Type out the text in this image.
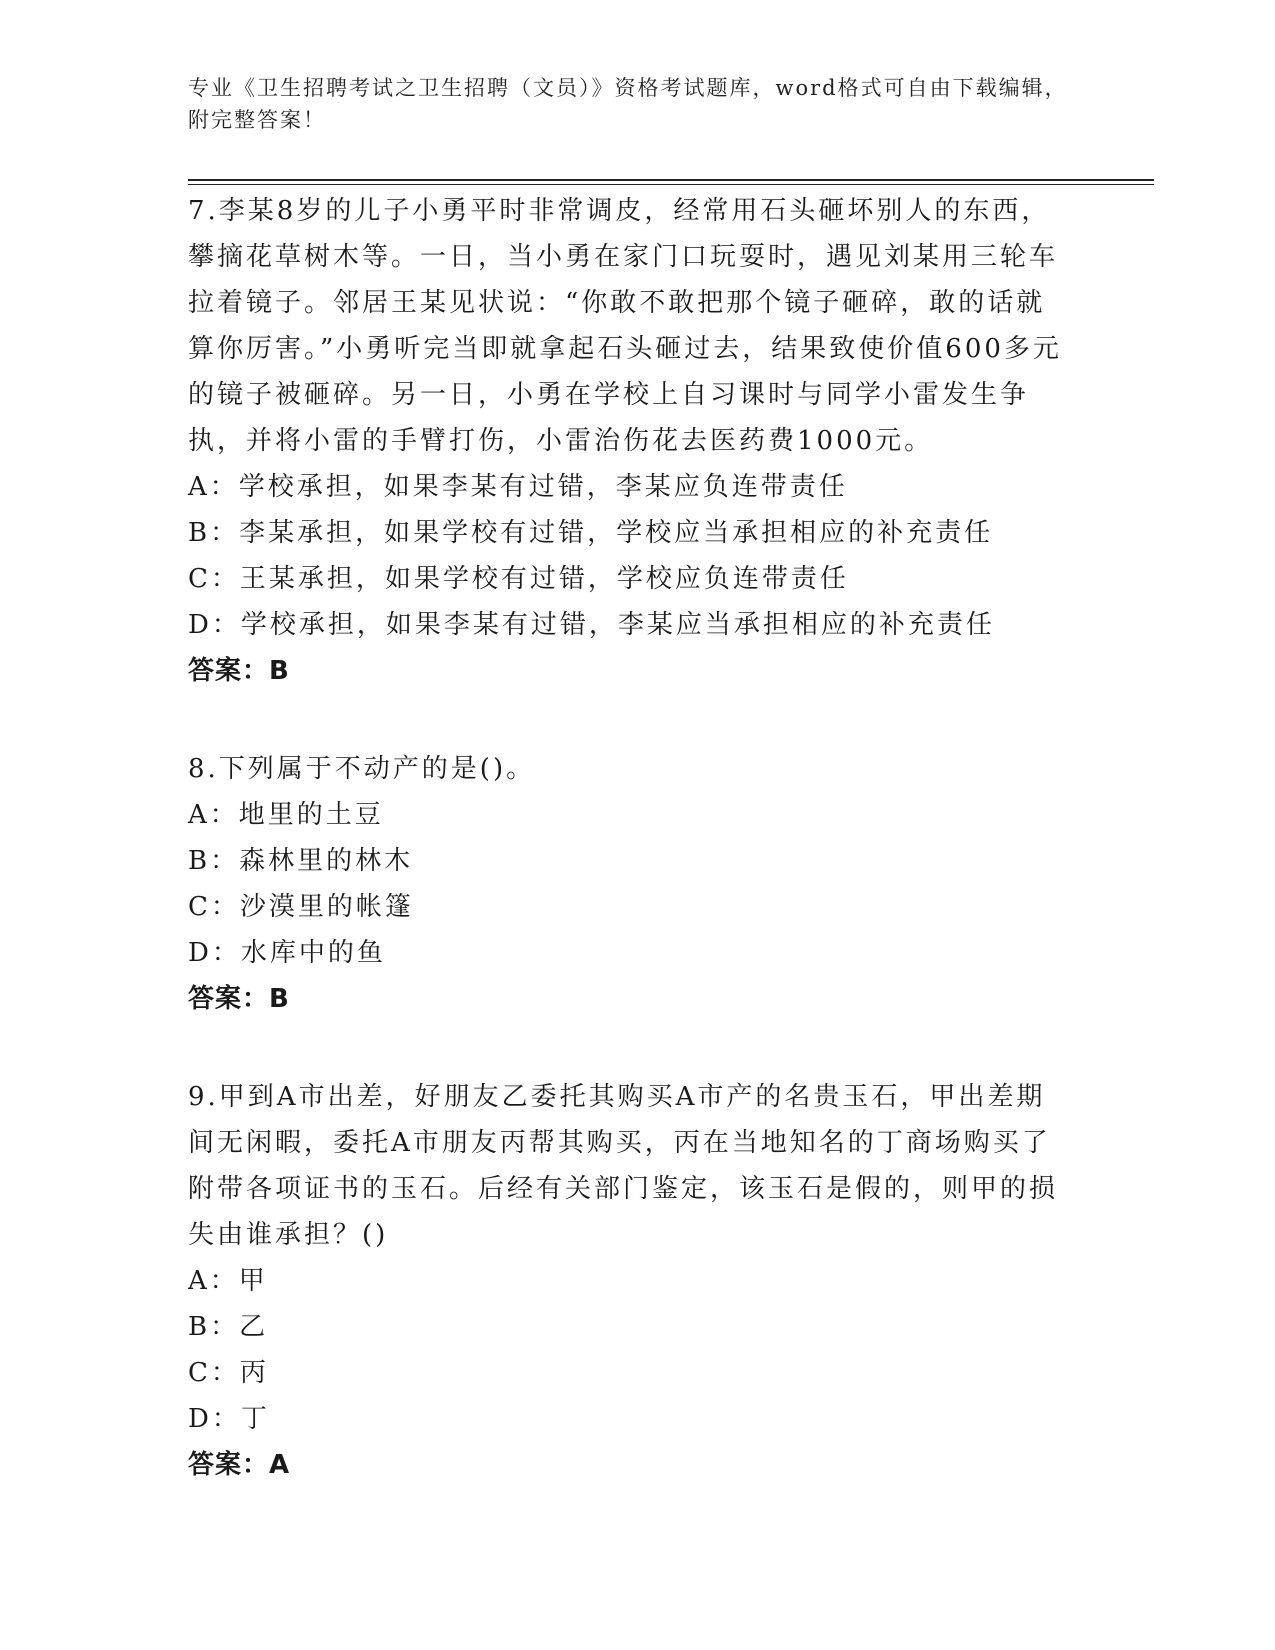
专业《卫生招聘考试之卫生招聘（文员）》资格考试题库，word格式可自由下载编辑，附完整答案！

7.李某8岁的儿子小勇平时非常调皮，经常用石头砸坏别人的东西，攀摘花草树木等。一日，当小勇在家门口玩耍时，遇见刘某用三轮车拉着镜子。邻居王某见状说：“你敢不敢把那个镜子砸碎，敢的话就算你厉害。”小勇听完当即就拿起石头砸过去，结果致使价值600多元的镜子被砸碎。另一日，小勇在学校上自习课时与同学小雷发生争执，并将小雷的手臂打伤，小雷治伤花去医药费1000元。

A：学校承担，如果李某有过错，李某应负连带责任

B：李某承担，如果学校有过错，学校应当承担相应的补充责任

C：王某承担，如果学校有过错，学校应负连带责任

D：学校承担，如果李某有过错，李某应当承担相应的补充责任

答案：B

8.下列属于不动产的是()。

A：地里的土豆

B：森林里的林木

C：沙漠里的帐篷

D：水库中的鱼

答案：B

9.甲到A市出差，好朋友乙委托其购买A市产的名贵玉石，甲出差期间无闲暇，委托A市朋友丙帮其购买，丙在当地知名的丁商场购买了附带各项证书的玉石。后经有关部门鉴定，该玉石是假的，则甲的损失由谁承担？()

A：甲

B：乙

C：丙

D：丁

答案：A
